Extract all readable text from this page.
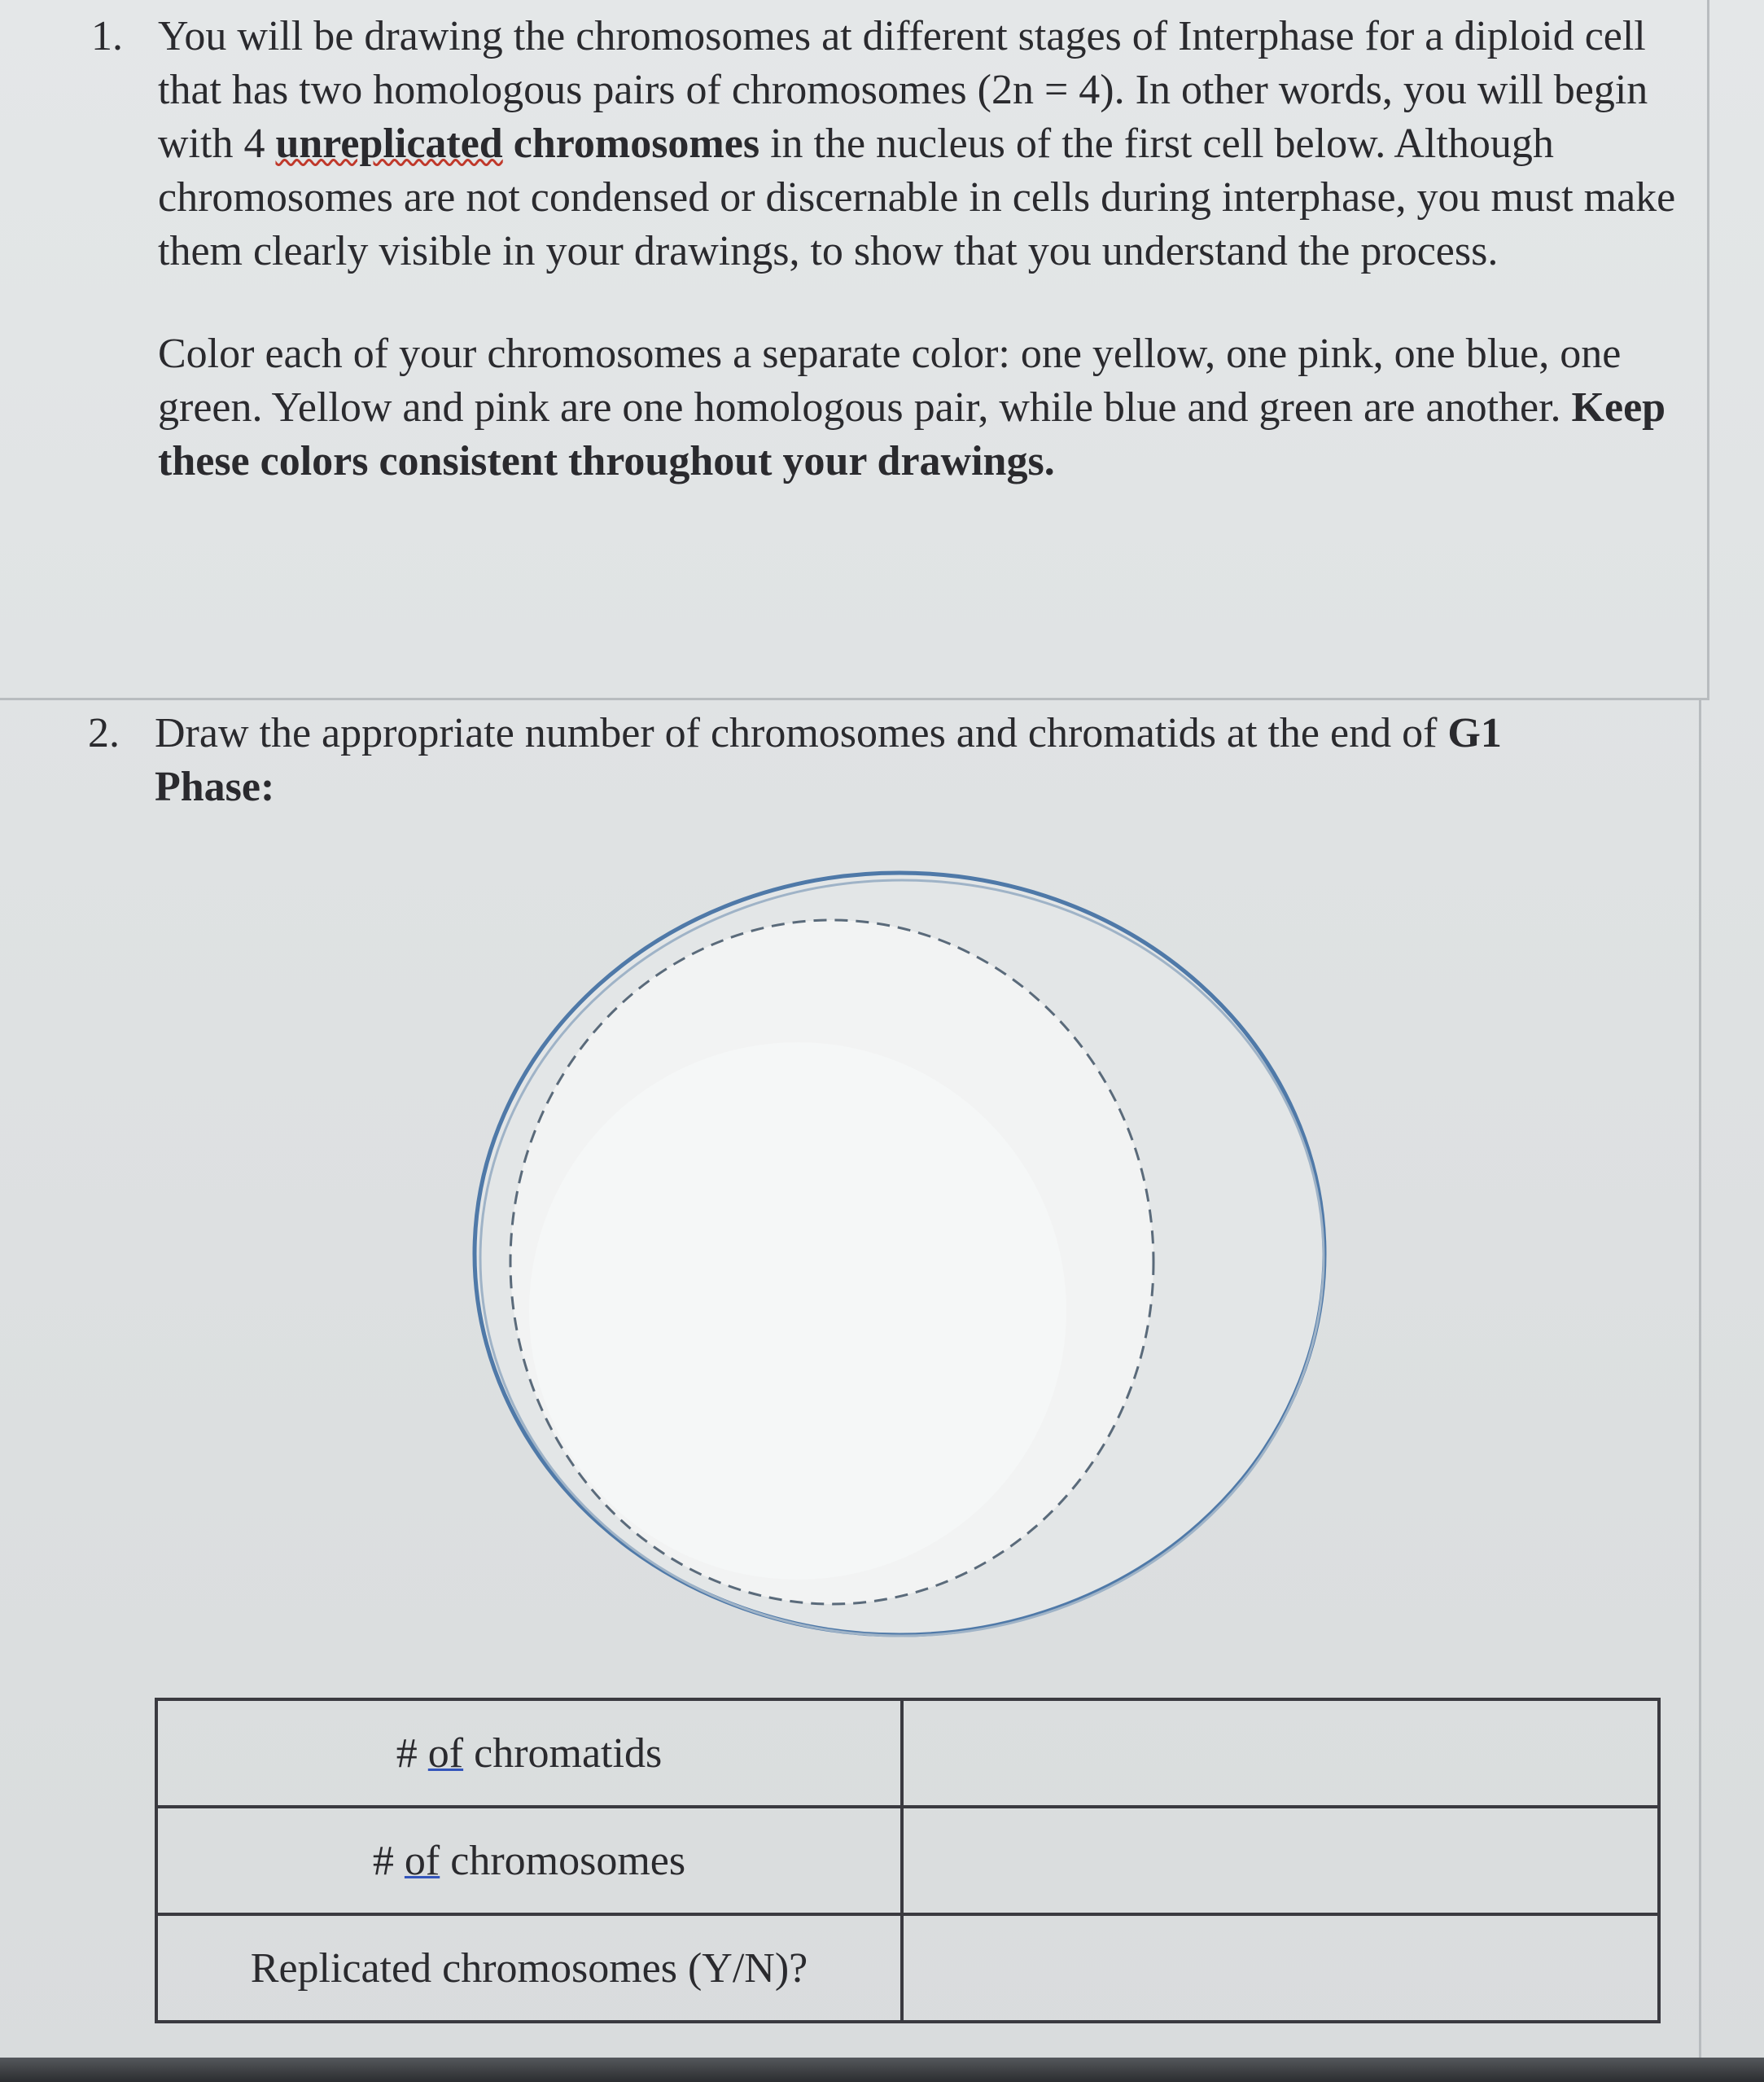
1. You will be drawing the chromosomes at different stages of Interphase for a diploid cell that has two homologous pairs of chromosomes (2n = 4). In other words, you will begin with 4 unreplicated chromosomes in the nucleus of the first cell below. Although chromosomes are not condensed or discernable in cells during interphase, you must make them clearly visible in your drawings, to show that you understand the process.

Color each of your chromosomes a separate color: one yellow, one pink, one blue, one green. Yellow and pink are one homologous pair, while blue and green are another. Keep these colors consistent throughout your drawings.

2. Draw the appropriate number of chromosomes and chromatids at the end of G1
Phase:

# of chromatids	
# of chromosomes	
Replicated chromosomes (Y/N)?	
